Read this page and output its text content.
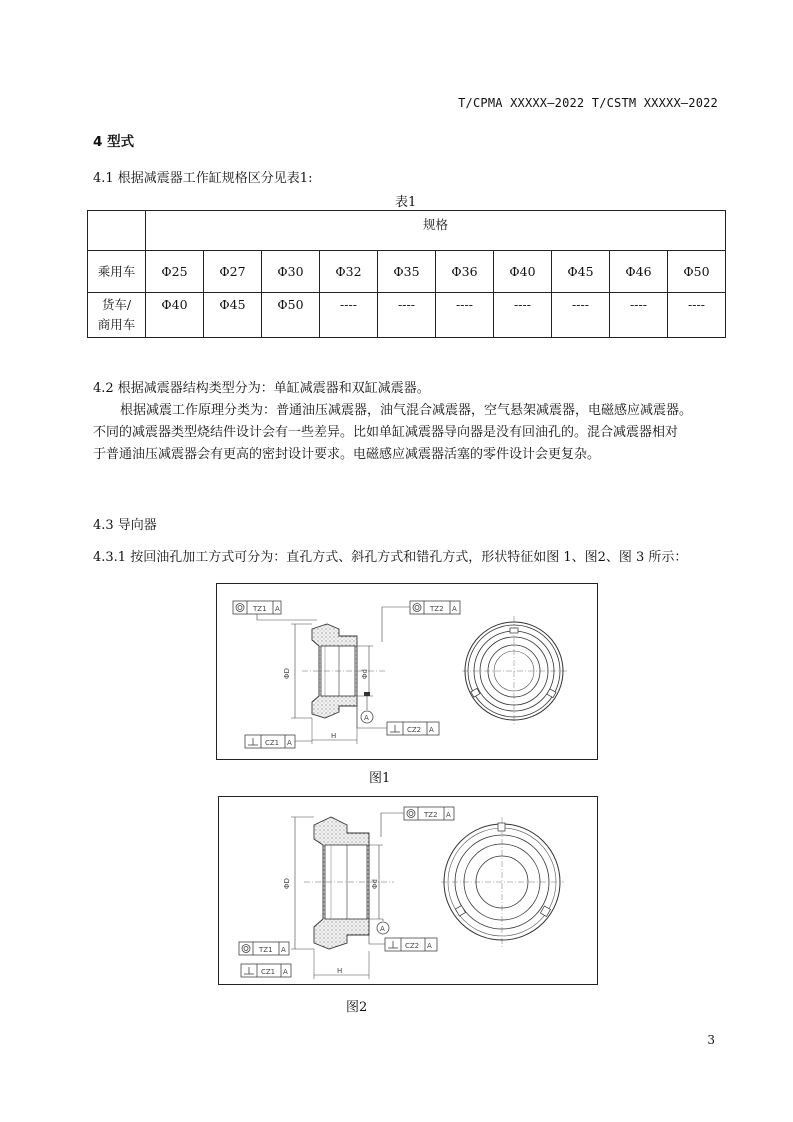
T/CPMA XXXXX—2022 T/CSTM XXXXX—2022
4 型式
4.1 根据减震器工作缸规格区分见表1:
表1
	规格									
乘用车	Φ25	Φ27	Φ30	Φ32	Φ35	Φ36	Φ40	Φ45	Φ46	Φ50

货车/
商用车	Φ40	Φ45	Φ50	----	----	----	----	----	----	----
4.2 根据减震器结构类型分为：单缸减震器和双缸减震器。
根据减震工作原理分类为：普通油压减震器，油气混合减震器，空气悬架减震器，电磁感应减震器。
不同的减震器类型烧结件设计会有一些差异。比如单缸减震器导向器是没有回油孔的。混合减震器相对
于普通油压减震器会有更高的密封设计要求。电磁感应减震器活塞的零件设计会更复杂。
4.3 导向器
4.3.1 按回油孔加工方式可分为：直孔方式、斜孔方式和错孔方式，形状特征如图 1、图2、图 3 所示：
TZ1 A	TZ2 A
ΦD	Φd
A
H
CZ1 A
CZ2 A
图1
TZ2 A
ΦD	Φd
A
TZ1 A	CZ2 A
H
CZ1 A
图2
3
